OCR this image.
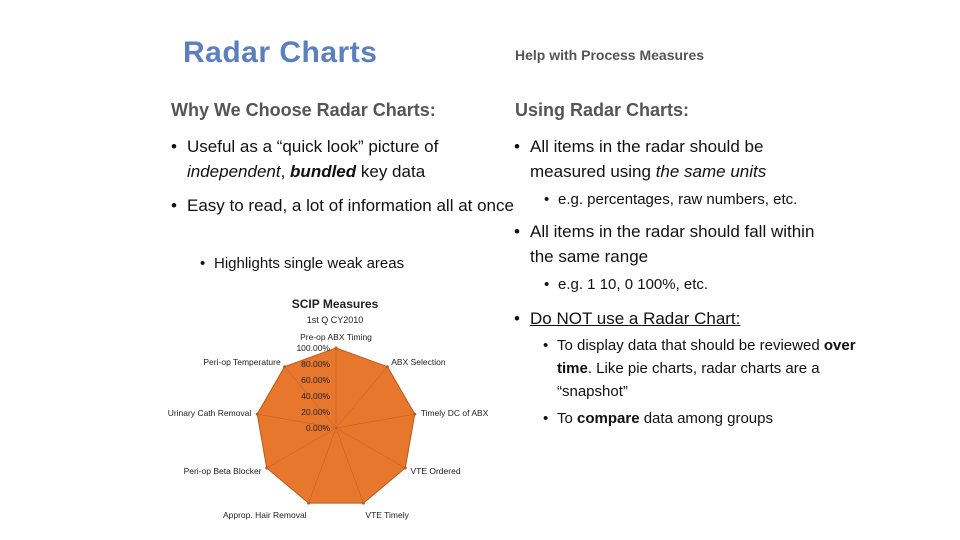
Radar Charts	Help with Process Measures
Why We Choose Radar Charts:
• Useful as a “quick look” picture of independent, bundled key data
• Easy to read, a lot of information all at once
• Highlights single weak areas
SCIP Measures
1st Q CY2010
0.00%
20.00%
40.00%
60.00%
80.00%
100.00%
Pre-op ABX Timing
ABX Selection
Timely DC of ABX
VTE Ordered
VTE Timely
Approp. Hair Removal
Peri-op Beta Blocker
Urinary Cath Removal
Peri-op Temperature
Using Radar Charts:
• All items in the radar should be measured using the same units
• e.g. percentages, raw numbers, etc.
• All items in the radar should fall within the same range
• e.g. 1 10, 0 100%, etc.
• Do NOT use a Radar Chart:
• To display data that should be reviewed over time. Like pie charts, radar charts are a “snapshot”
• To compare data among groups
